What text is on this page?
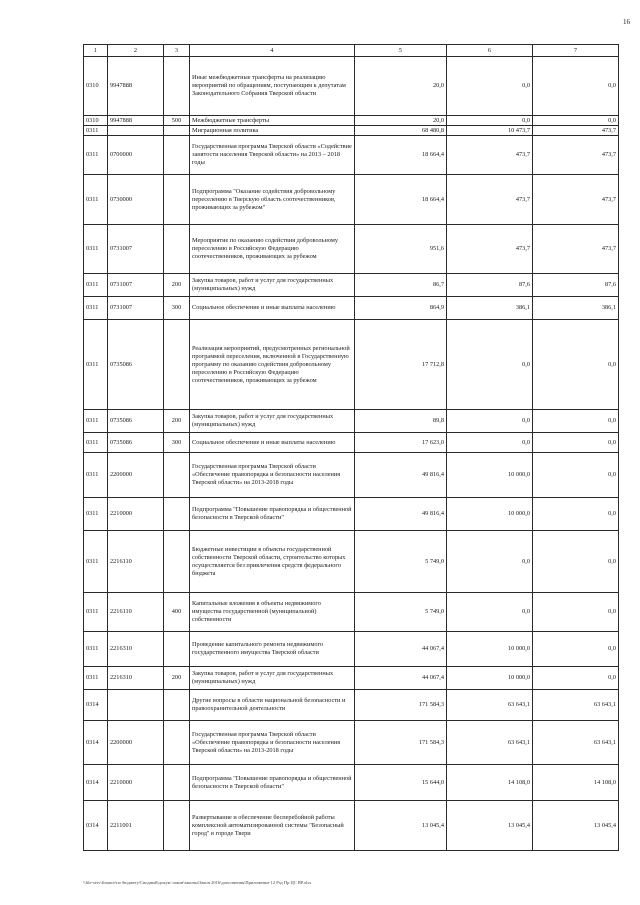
16
1	2	3	4	5	6	7
0310	9947888		Иные межбюджетные трансферты на реализацию мероприятий по обращениям, поступающим к депутатам Законодательного Собрания Тверской области	20,0	0,0	0,0
0310	9947888	500	Межбюджетные трансферты	20,0	0,0	0,0
0311			Миграционная политика	68 480,8	10 473,7	473,7
0311	0700000		Государственная программа Тверской области «Содействие занятости населения Тверской области» на 2013 – 2018 годы	18 664,4	473,7	473,7
0311	0730000		Подпрограмма "Оказание содействия добровольному переселению в Тверскую область соотечественников, проживающих за рубежом"	18 664,4	473,7	473,7
0311	0731007		Мероприятие по оказанию содействия добровольному переселению в Российскую Федерацию соотечественников, проживающих за рубежом	951,6	473,7	473,7
0311	0731007	200	Закупка товаров, работ и услуг для государственных (муниципальных) нужд	86,7	87,6	87,6
0311	0731007	300	Социальное обеспечение и иные выплаты населению	864,9	386,1	386,1
0311	0735086		Реализация мероприятий, предусмотренных региональной программой переселения, включенной в Государственную программу по оказанию содействия добровольному переселению в Российскую Федерацию соотечественников, проживающих за рубежом	17 712,8	0,0	0,0
0311	0735086	200	Закупка товаров, работ и услуг для государственных (муниципальных) нужд	89,8	0,0	0,0
0311	0735086	300	Социальное обеспечение и иные выплаты населению	17 623,0	0,0	0,0
0311	2200000		Государственная программа Тверской области «Обеспечение правопорядка и безопасности населения Тверской области» на 2013-2018 годы	49 816,4	10 000,0	0,0
0311	2210000		Подпрограмма "Повышение правопорядка и общественной безопасности в Тверской области"	49 816,4	10 000,0	0,0
0311	2216110		Бюджетные инвестиции в объекты государственной собственности Тверской области, строительство которых осуществляется без привлечения средств федерального бюджета	5 749,0	0,0	0,0
0311	2216110	400	Капитальные вложения в объекты недвижимого имущества государственной (муниципальной) собственности	5 749,0	0,0	0,0
0311	2216310		Проведение капитального ремонта недвижимого государственного имущества Тверской области	44 067,4	10 000,0	0,0
0311	2216310	200	Закупка товаров, работ и услуг для государственных (муниципальных) нужд	44 067,4	10 000,0	0,0
0314			Другие вопросы в области национальной безопасности и правоохранительной деятельности	171 584,3	63 643,1	63 643,1
0314	2200000		Государственная программа Тверской области «Обеспечение правопорядка и безопасности населения Тверской области» на 2013-2018 годы	171 584,3	63 643,1	63 643,1
0314	2210000		Подпрограмма "Повышение правопорядка и общественной безопасности в Тверской области"	15 644,0	14 108,0	14 108,0
0314	2211001		Развертывание и обеспечение бесперебойной работы комплексной автоматизированной системы "Безопасный город" в городе Твери	13 045,4	13 045,4	13 045,4
\\file-serv\finance\по бюджету\Сводный\докум.\закон\законы\Закон 2016\дополнения\Приложение 12 Рзд Пр ЦС ВР.xlsx
